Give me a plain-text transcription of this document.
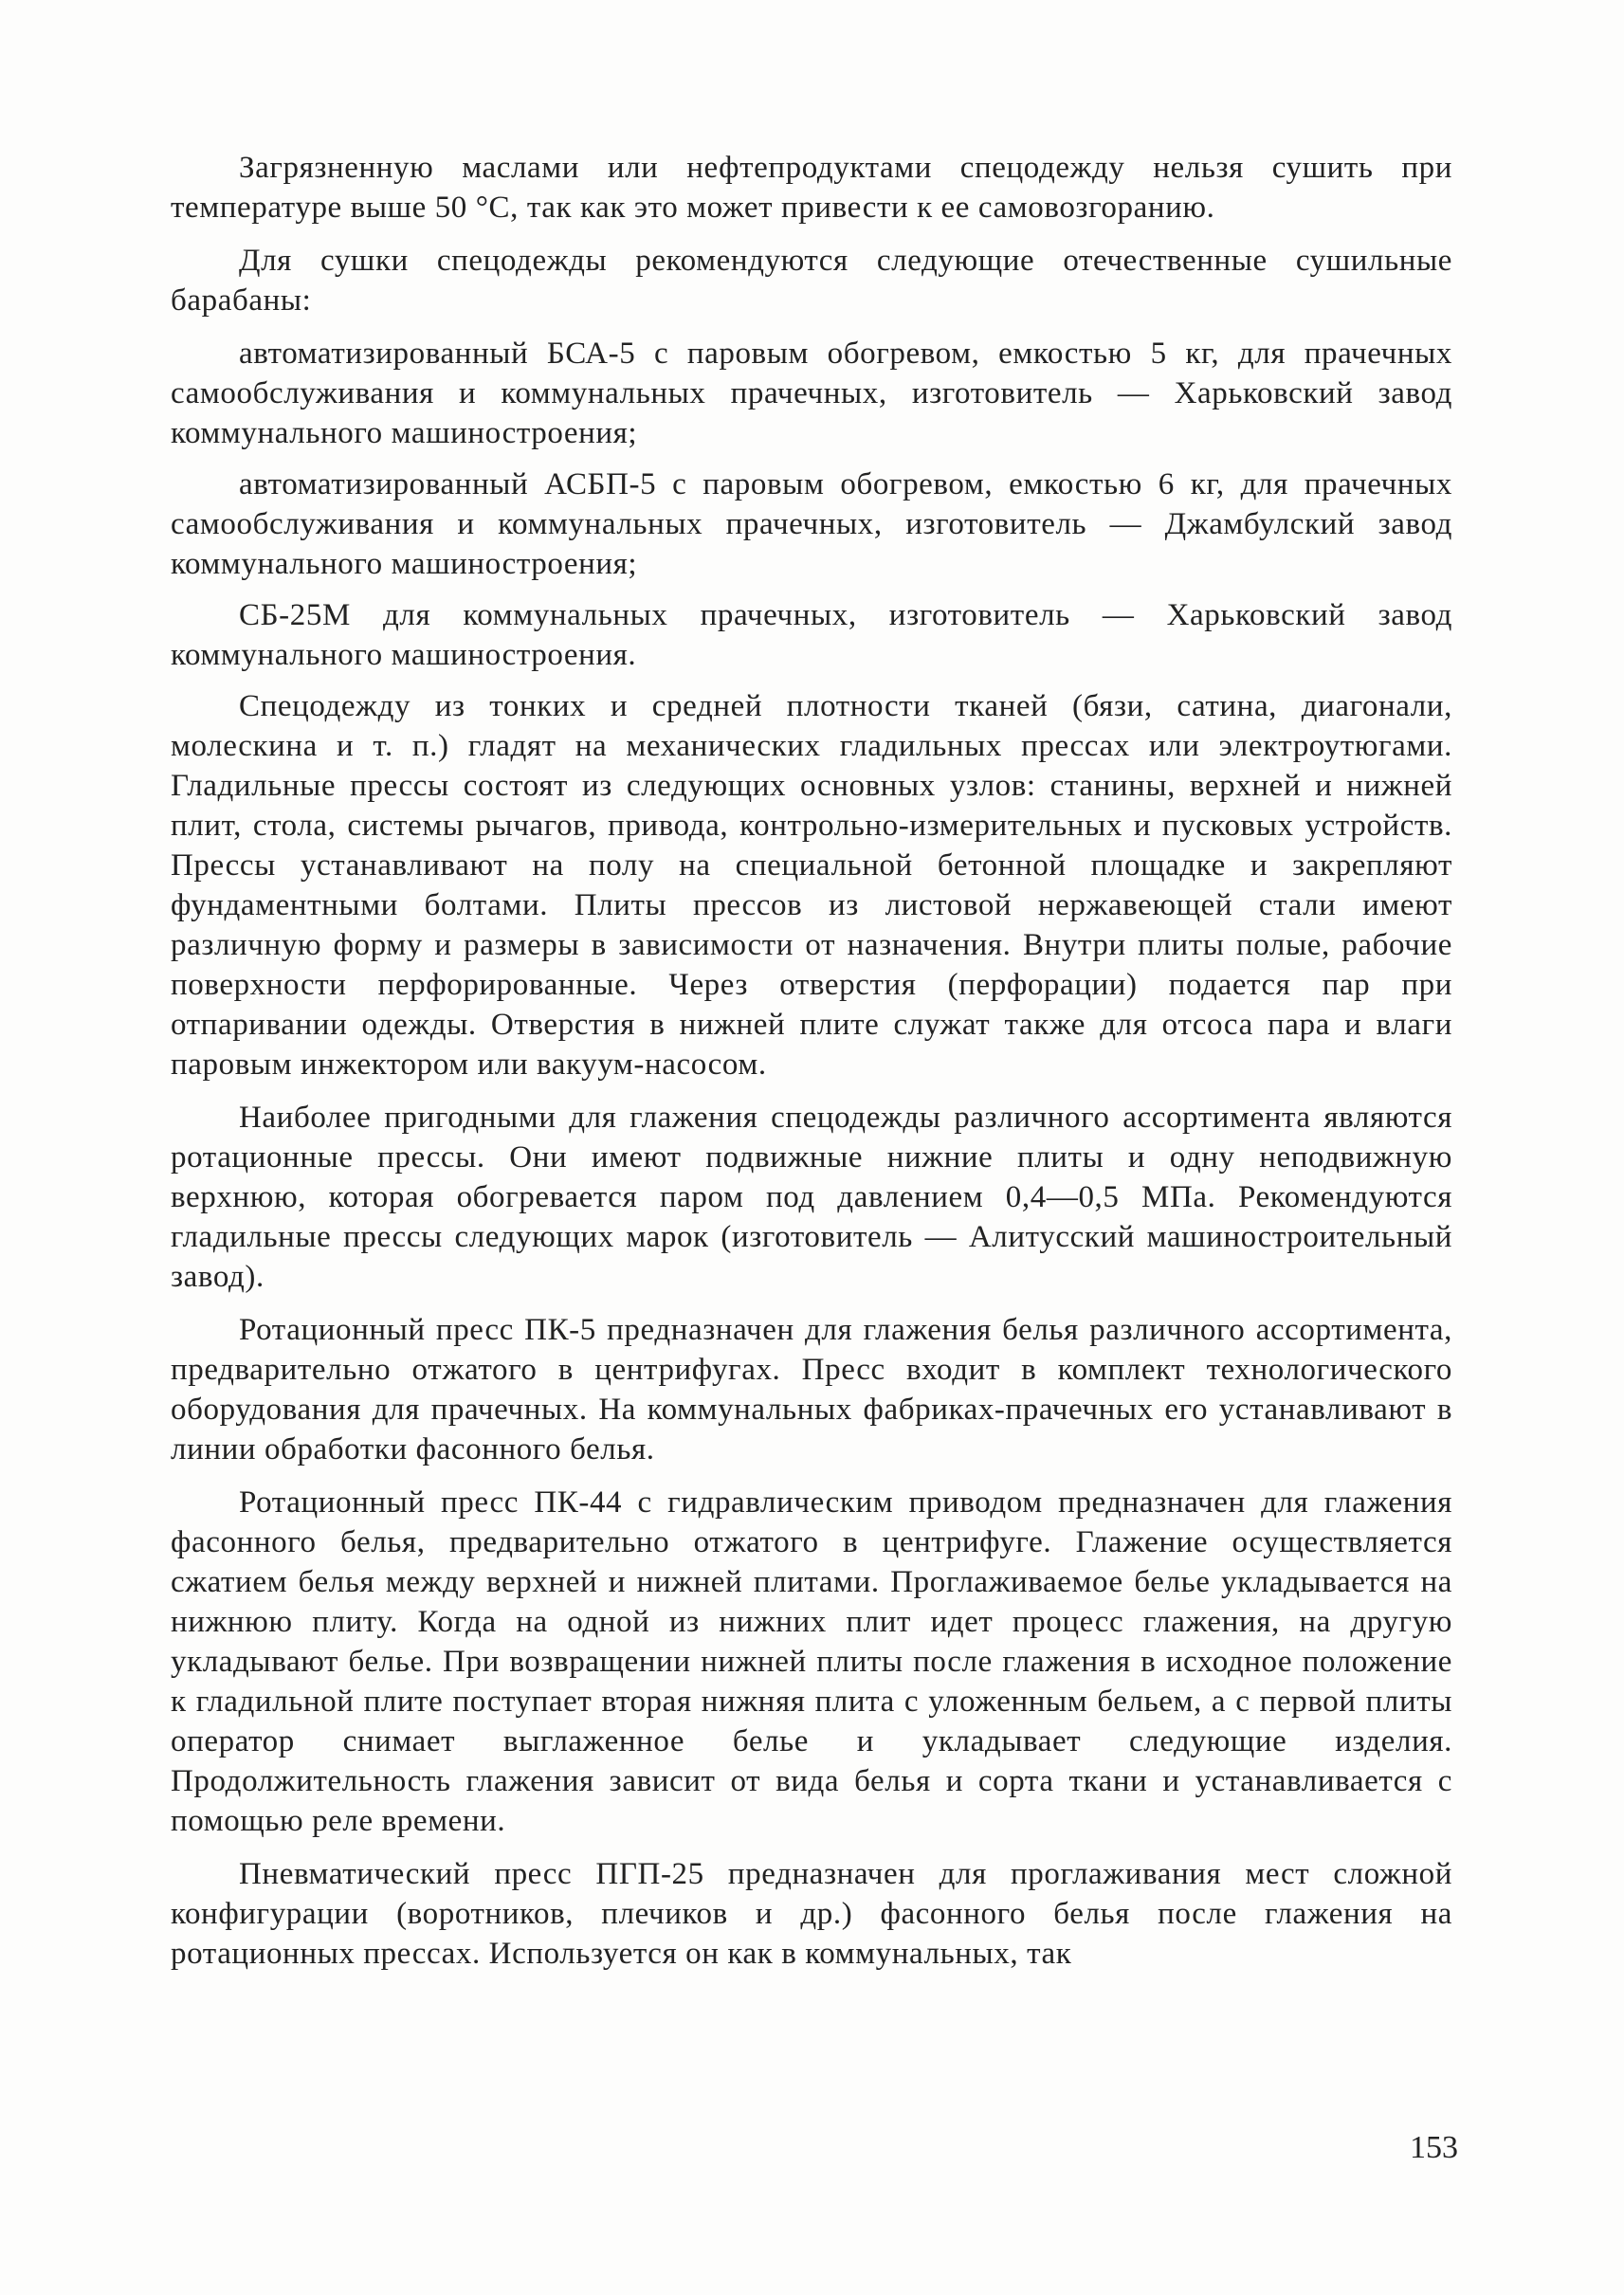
Загрязненную маслами или нефтепродуктами спецодежду нельзя сушить при температуре выше 50 °С, так как это может привести к ее самовозгоранию.

Для сушки спецодежды рекомендуются следующие отечественные сушильные барабаны:

автоматизированный БСА-5 с паровым обогревом, емкостью 5 кг, для прачечных самообслуживания и коммунальных прачечных, изготовитель — Харьковский завод коммунального машиностроения;

автоматизированный АСБП-5 с паровым обогревом, емкостью 6 кг, для прачечных самообслуживания и коммунальных прачечных, изготовитель — Джамбулский завод коммунального машиностроения;

СБ-25М для коммунальных прачечных, изготовитель — Харьковский завод коммунального машиностроения.

Спецодежду из тонких и средней плотности тканей (бязи, сатина, диагонали, молескина и т. п.) гладят на механических гладильных прессах или электроутюгами. Гладильные прессы состоят из следующих основных узлов: станины, верхней и нижней плит, стола, системы рычагов, привода, контрольно-измерительных и пусковых устройств. Прессы устанавливают на полу на специальной бетонной площадке и закрепляют фундаментными болтами. Плиты прессов из листовой нержавеющей стали имеют различную форму и размеры в зависимости от назначения. Внутри плиты полые, рабочие поверхности перфорированные. Через отверстия (перфорации) подается пар при отпаривании одежды. Отверстия в нижней плите служат также для отсоса пара и влаги паровым инжектором или вакуум-насосом.

Наиболее пригодными для глажения спецодежды различного ассортимента являются ротационные прессы. Они имеют подвижные нижние плиты и одну неподвижную верхнюю, которая обогревается паром под давлением 0,4—0,5 МПа. Рекомендуются гладильные прессы следующих марок (изготовитель — Алитусский машиностроительный завод).

Ротационный пресс ПК-5 предназначен для глажения белья различного ассортимента, предварительно отжатого в центрифугах. Пресс входит в комплект технологического оборудования для прачечных. На коммунальных фабриках-прачечных его устанавливают в линии обработки фасонного белья.

Ротационный пресс ПК-44 с гидравлическим приводом предназначен для глажения фасонного белья, предварительно отжатого в центрифуге. Глажение осуществляется сжатием белья между верхней и нижней плитами. Проглаживаемое белье укладывается на нижнюю плиту. Когда на одной из нижних плит идет процесс глажения, на другую укладывают белье. При возвращении нижней плиты после глажения в исходное положение к гладильной плите поступает вторая нижняя плита с уложенным бельем, а с первой плиты оператор снимает выглаженное белье и укладывает следующие изделия. Продолжительность глажения зависит от вида белья и сорта ткани и устанавливается с помощью реле времени.

Пневматический пресс ПГП-25 предназначен для проглаживания мест сложной конфигурации (воротников, плечиков и др.) фасонного белья после глажения на ротационных прессах. Используется он как в коммунальных, так

153
